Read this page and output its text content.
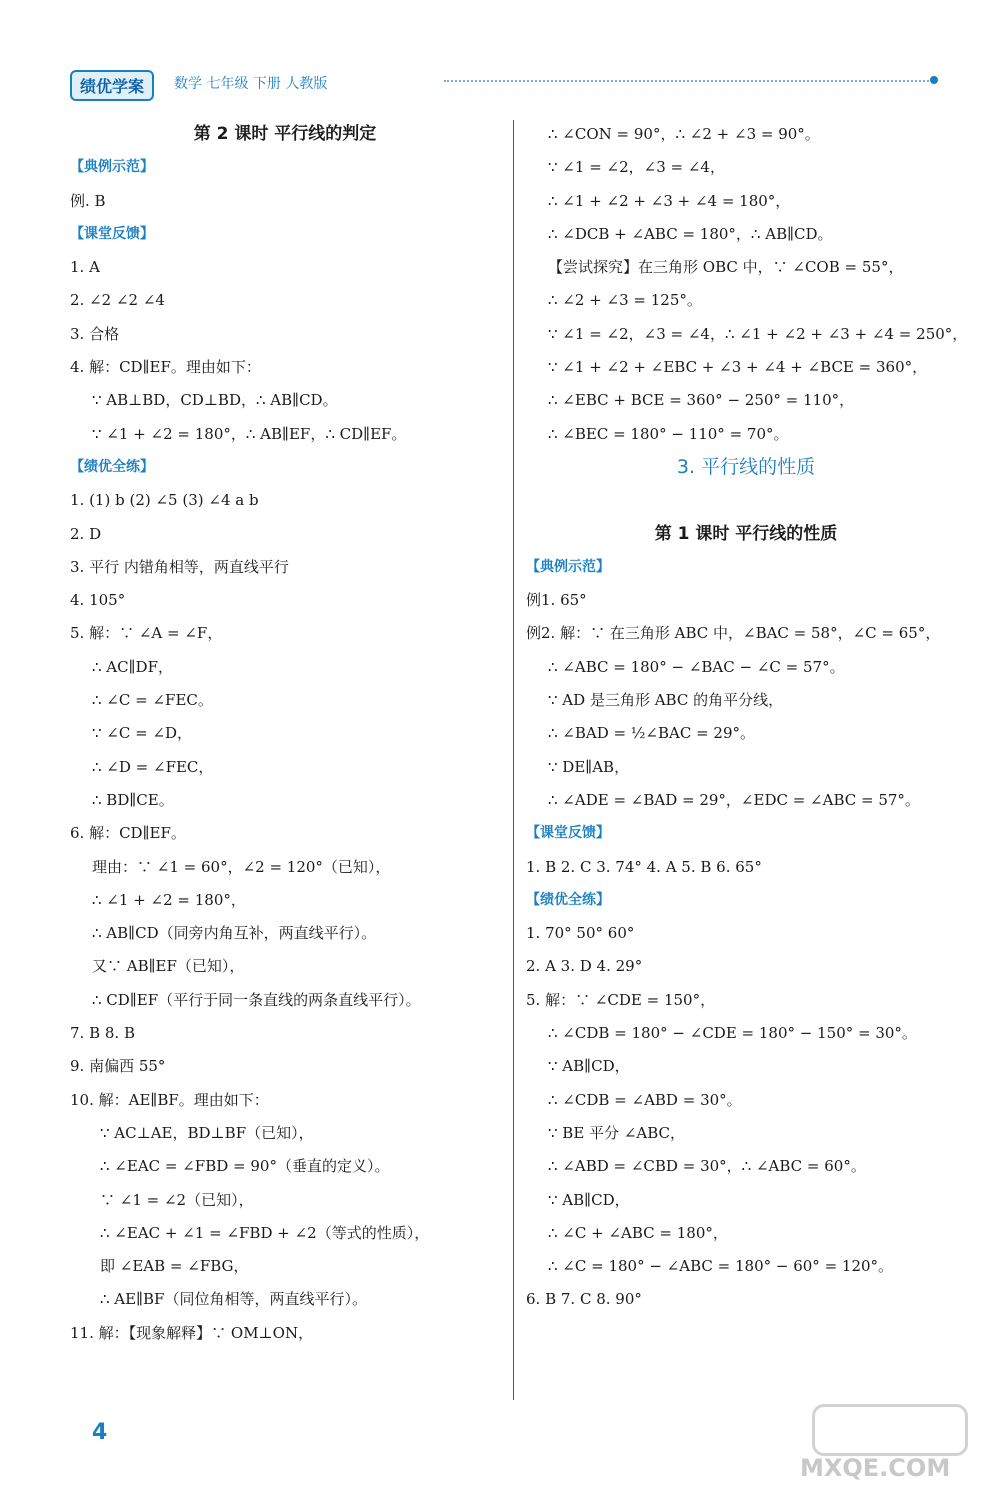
绩优学案	数学 七年级 下册 人教版
第 2 课时 平行线的判定
【典例示范】
例. B
【课堂反馈】
1. A
2. ∠2 ∠2 ∠4
3. 合格
4. 解：CD∥EF。理由如下：
∵ AB⊥BD，CD⊥BD，∴ AB∥CD。
∵ ∠1 + ∠2 = 180°，∴ AB∥EF，∴ CD∥EF。
【绩优全练】
1. (1) b (2) ∠5 (3) ∠4 a b
2. D
3. 平行 内错角相等，两直线平行
4. 105°
5. 解：∵ ∠A = ∠F，
∴ AC∥DF，
∴ ∠C = ∠FEC。
∵ ∠C = ∠D，
∴ ∠D = ∠FEC，
∴ BD∥CE。
6. 解：CD∥EF。
理由：∵ ∠1 = 60°，∠2 = 120°（已知），
∴ ∠1 + ∠2 = 180°，
∴ AB∥CD（同旁内角互补，两直线平行）。
又∵ AB∥EF（已知），
∴ CD∥EF（平行于同一条直线的两条直线平行）。
7. B 8. B
9. 南偏西 55°
10. 解：AE∥BF。理由如下：
∵ AC⊥AE，BD⊥BF（已知），
∴ ∠EAC = ∠FBD = 90°（垂直的定义）。
∵ ∠1 = ∠2（已知），
∴ ∠EAC + ∠1 = ∠FBD + ∠2（等式的性质），
即 ∠EAB = ∠FBG，
∴ AE∥BF（同位角相等，两直线平行）。
11. 解：【现象解释】∵ OM⊥ON，
∴ ∠CON = 90°，∴ ∠2 + ∠3 = 90°。
∵ ∠1 = ∠2，∠3 = ∠4，
∴ ∠1 + ∠2 + ∠3 + ∠4 = 180°，
∴ ∠DCB + ∠ABC = 180°，∴ AB∥CD。
【尝试探究】在三角形 OBC 中，∵ ∠COB = 55°，
∴ ∠2 + ∠3 = 125°。
∵ ∠1 = ∠2，∠3 = ∠4，∴ ∠1 + ∠2 + ∠3 + ∠4 = 250°，
∵ ∠1 + ∠2 + ∠EBC + ∠3 + ∠4 + ∠BCE = 360°，
∴ ∠EBC + BCE = 360° − 250° = 110°，
∴ ∠BEC = 180° − 110° = 70°。
3. 平行线的性质
第 1 课时 平行线的性质
【典例示范】
例1. 65°
例2. 解：∵ 在三角形 ABC 中，∠BAC = 58°，∠C = 65°，
∴ ∠ABC = 180° − ∠BAC − ∠C = 57°。
∵ AD 是三角形 ABC 的角平分线，
∴ ∠BAD = ½∠BAC = 29°。
∵ DE∥AB，
∴ ∠ADE = ∠BAD = 29°，∠EDC = ∠ABC = 57°。
【课堂反馈】
1. B 2. C 3. 74° 4. A 5. B 6. 65°
【绩优全练】
1. 70° 50° 60°
2. A 3. D 4. 29°
5. 解：∵ ∠CDE = 150°，
∴ ∠CDB = 180° − ∠CDE = 180° − 150° = 30°。
∵ AB∥CD，
∴ ∠CDB = ∠ABD = 30°。
∵ BE 平分 ∠ABC，
∴ ∠ABD = ∠CBD = 30°，∴ ∠ABC = 60°。
∵ AB∥CD，
∴ ∠C + ∠ABC = 180°，
∴ ∠C = 180° − ∠ABC = 180° − 60° = 120°。
6. B 7. C 8. 90°
4
MXQE.COM
